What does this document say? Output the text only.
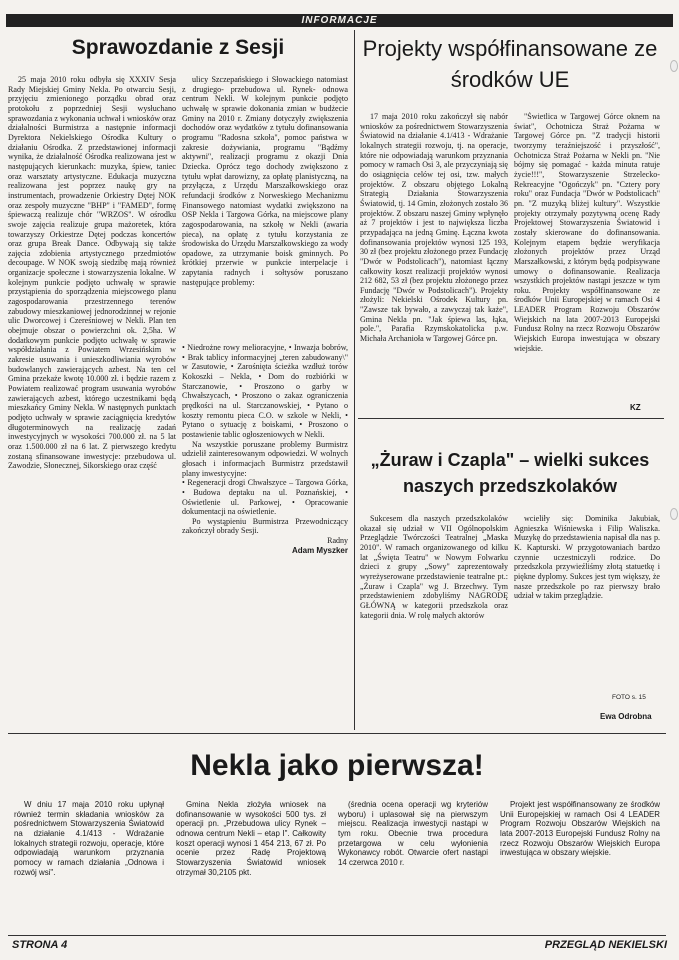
INFORMACJE
Sprawozdanie z Sesji

25 maja 2010 roku odbyła się XXXIV Sesja Rady Miejskiej Gminy Nekla. Po otwarciu Sesji, przyjęciu zmienionego porządku obrad oraz protokołu z poprzedniej Sesji wysłuchano sprawozdania z wykonania uchwał i wniosków oraz działalności Burmistrza a następnie informacji Dyrektora Nekielskiego Ośrodka Kultury o działaniu Ośrodka. Z przedstawionej informacji wynika, że działalność Ośrodka realizowana jest w następujących kierunkach: muzyka, śpiew, taniec oraz warsztaty artystyczne. Edukacja muzyczna realizowana jest poprzez naukę gry na instrumentach, prowadzenie Orkiestry Dętej NOK oraz zespoły muzyczne "BHP" i "FAMED", formę śpiewaczą realizuje chór "WRZOS". W ośrodku swoje zajęcia realizuje grupa mażoretek, która towarzyszy Orkiestrze Dętej podczas koncertów oraz grupa Break Dance. Odbywają się także zajęcia zdobienia artystycznego przedmiotów decoupage. W NOK swoją siedzibę mają również organizacje społeczne i stowarzyszenia lokalne. W kolejnym punkcie podjęto uchwałę w sprawie przystąpienia do sporządzenia miejscowego planu zagospodarowania przestrzennego terenów zabudowy mieszkaniowej jednorodzinnej w rejonie ulic Dworcowej i Czereśniowej w Nekli. Plan ten obejmuje obszar o powierzchni ok. 2,5ha. W dodatkowym punkcie podjęto uchwałę w sprawie współdziałania z Powiatem Wrzesińskim w zakresie usuwania i unieszkodliwiania wyrobów budowlanych zawierających azbest. Na ten cel Gmina przekaże kwotę 10.000 zł. i będzie razem z Powiatem realizować program usuwania wyrobów zawierających azbest, którego uczestnikami będą mieszkańcy Gminy Nekla. W następnych punktach podjęto uchwały w sprawie zaciągnięcia kredytów długoterminowych na realizację zadań inwestycyjnych w wysokości 700.000 zł. na 5 lat oraz 1.500.000 zł na 6 lat. Z pierwszego kredytu zostaną sfinansowane inwestycje: przebudowa ul. Zawodzie, Słonecznej, Sikorskiego oraz część

ulicy Szczepańskiego i Słowackiego natomiast z drugiego- przebudowa ul. Rynek- odnowa centrum Nekli. W kolejnym punkcie podjęto uchwałę w sprawie dokonania zmian w budżecie Gminy na 2010 r. Zmiany dotyczyły zwiększenia dochodów oraz wydatków z tytułu dofinansowania programu "Radosna szkoła", pomoc państwa w zakresie dożywiania, programu "Bądźmy aktywni", realizacji programu z okazji Dnia Dziecka. Oprócz tego dochody zwiększono z tytułu wpłat darowizny, za opłatę planistyczną, na przyłącza, z Urzędu Marszałkowskiego oraz refundacji środków z Norweskiego Mechanizmu Finansowego natomiast wydatki zwiększono na OSP Nekla i Targowa Górka, na miejscowe plany zagospodarowania, na szkołę w Nekli (awaria pieca), na opłatę z tytułu korzystania ze środowiska do Urzędu Marszałkowskiego za wody opadowe, za utrzymanie boisk gminnych. Po krótkiej przerwie w punkcie interpelacje i zapytania radnych i sołtysów poruszano następujące problemy:

• Niedrożne rowy melioracyjne, • Inwazja bobrów, • Brak tablicy informacyjnej „teren zabudowany\" w Zasutowie, • Zarośnięta ścieżka wzdłuż torów Kokoszki – Nekla, • Dom do rozbiórki w Starczanowie, • Proszono o garby w Chwałszycach, • Proszono o zakaz ograniczenia prędkości na ul. Starczanowskiej, • Pytano o koszty remontu pieca C.O. w szkole w Nekli, • Pytano o sytuację z boiskami, • Proszono o postawienie tablic ogłoszeniowych w Nekli.

Na wszystkie poruszane problemy Burmistrz udzielił zainteresowanym odpowiedzi. W wolnych głosach i informacjach Burmistrz przedstawił plany inwestycyjne:

• Regeneracji drogi Chwałszyce – Targowa Górka, • Budowa deptaku na ul. Poznańskiej, • Oświetlenie ul. Parkowej, • Opracowanie dokumentacji na oświetlenie.

Po wystąpieniu Burmistrza Przewodniczący zakończył obrady Sesji.

Radny

Adam Myszker

Projekty współfinansowane ze środków UE

17 maja 2010 roku zakończył się nabór wniosków za pośrednictwem Stowarzyszenia Światowid na działanie 4.1/413 - Wdrażanie lokalnych strategii rozwoju, tj. na operacje, które nie odpowiadają warunkom przyznania pomocy w ramach Osi 3, ale przyczyniają się do osiągnięcia celów tej osi, tzw. małych projektów. Z obszaru objętego Lokalną Strategią Działania Stowarzyszenia Światowid, tj. 14 Gmin, złożonych zostało 36 projektów. Z obszaru naszej Gminy wpłynęło aż 7 projektów i jest to największa liczba przypadająca na jedną Gminę. Łączna kwota dofinansowania projektów wynosi 125 193, 30 zł (bez projektu złożonego przez Fundację "Dwór w Podstolicach"), natomiast łączny całkowity koszt realizacji projektów wynosi 212 682, 53 zł (bez projektu złożonego przez Fundację "Dwór w Podstolicach"). Projekty złożyli: Nekielski Ośrodek Kultury pn. "Zawsze tak bywało, a zawyczaj tak każe", Gmina Nekla pn. "Jak śpiewa las, łąka, pole.", Parafia Rzymskokatolicka p.w. Michała Archanioła w Targowej Górce pn.

"Świetlica w Targowej Górce oknem na świat", Ochotnicza Straż Pożarna w Targowej Górce pn. "Z tradycji historii tworzymy teraźniejszość i przyszłość", Ochotnicza Straż Pożarna w Nekli pn. "Nie bójmy się pomagać - każda minuta ratuje życie!!!", Stowarzyszenie Strzelecko-Rekreacyjne "Ogończyk" pn. "Cztery pory roku" oraz Fundacja "Dwór w Podstolicach" pn. "Z muzyką bliżej kultury". Wszystkie projekty otrzymały pozytywną ocenę Rady Projektowej Stowarzyszenia Światowid i zostały skierowane do dofinansowania. Kolejnym etapem będzie weryfikacja złożonych projektów przez Urząd Marszałkowski, z którym będą podpisywane umowy o dofinansowanie. Realizacja wszystkich projektów nastąpi jeszcze w tym roku. Projekty współfinansowane ze środków Unii Europejskiej w ramach Osi 4 LEADER Program Rozwoju Obszarów Wiejskich na lata 2007-2013 Europejski Fundusz Rolny na rzecz Rozwoju Obszarów Wiejskich Europa inwestująca w obszary wiejskie.

KZ
„Żuraw i Czapla" – wielki sukces
naszych przedszkolaków

Sukcesem dla naszych przedszkolaków okazał się udział w VII Ogólnopolskim Przeglądzie Twórczości Teatralnej „Maska 2010". W ramach organizowanego od kilku lat „Święta Teatru" w Nowym Folwarku dzieci z grupy „Sowy" zaprezentowały wyreżyserowane przedstawienie teatralne pt.: „Żuraw i Czapla" wg J. Brzechwy. Tym przedstawieniem zdobyliśmy NAGRODĘ GŁÓWNĄ w kategorii przedszkola oraz kategorii dnia. W rolę małych aktorów

wcieliły się: Dominika Jakubiak, Agnieszka Wiśniewska i Filip Waliszka. Muzykę do przedstawienia napisał dla nas p. K. Kapturski. W przygotowaniach bardzo czynnie uczestniczyli rodzice. Do przedszkola przywieźliśmy złotą statuetkę i piękne dyplomy. Sukces jest tym większy, że nasze przedszkole po raz pierwszy brało udział w takim przeglądzie.

FOTO s. 15
Ewa Odrobna
Nekla jako pierwsza!

W dniu 17 maja 2010 roku upłynął również termin składania wniosków za pośrednictwem Stowarzyszenia Światowid na działanie 4.1/413 - Wdrażanie lokalnych strategii rozwoju, operacje, które odpowiadają warunkom przyznania pomocy w ramach działania „Odnowa i rozwój wsi".

Gmina Nekla złożyła wniosek na dofinansowanie w wysokości 500 tys. zł operacji pn. „Przebudowa ulicy Rynek – odnowa centrum Nekli – etap I". Całkowity koszt operacji wynosi 1 454 213, 67 zł. Po ocenie przez Radę Projektową Stowarzyszenia Światowid wniosek otrzymał 30,2105 pkt.

(średnia ocena operacji wg kryteriów wyboru) i uplasował się na pierwszym miejscu. Realizacja inwestycji nastąpi w tym roku. Obecnie trwa procedura przetargowa w celu wyłonienia Wykonawcy robót. Otwarcie ofert nastąpi 14 czerwca 2010 r.

Projekt jest współfinansowany ze środków Unii Europejskiej w ramach Osi 4 LEADER Program Rozwoju Obszarów Wiejskich na lata 2007-2013 Europejski Fundusz Rolny na rzecz Rozwoju Obszarów Wiejskich Europa inwestująca w obszary wiejskie.

STRONA 4	PRZEGLĄD NEKIELSKI
